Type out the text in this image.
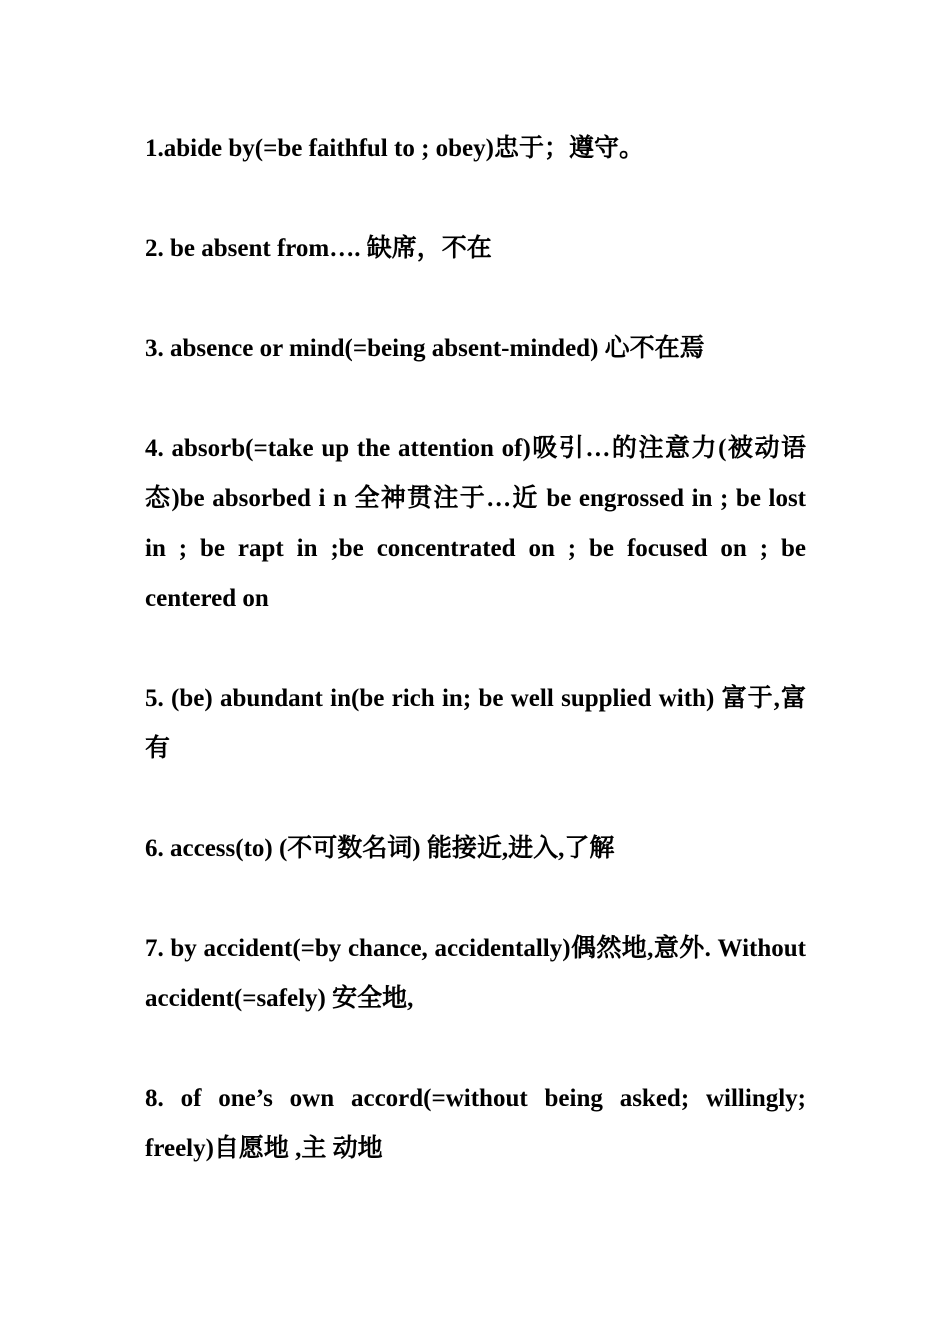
1.abide by(=be faithful to ; obey)忠于；遵守。

2. be absent from…. 缺席，不在

3. absence or mind(=being absent-minded) 心不在焉

4. absorb(=take up the attention of)吸引…的注意力(被动语态)be absorbed i n 全神贯注于…近 be engrossed in ; be lost in ; be rapt in ;be concentrated on ; be focused on ; be centered on

5. (be) abundant in(be rich in; be well supplied with) 富于,富有

6. access(to) (不可数名词) 能接近,进入,了解

7. by accident(=by chance, accidentally)偶然地,意外. Without accident(=safely) 安全地,

8. of one’s own accord(=without being asked; willingly; freely)自愿地 ,主 动地
